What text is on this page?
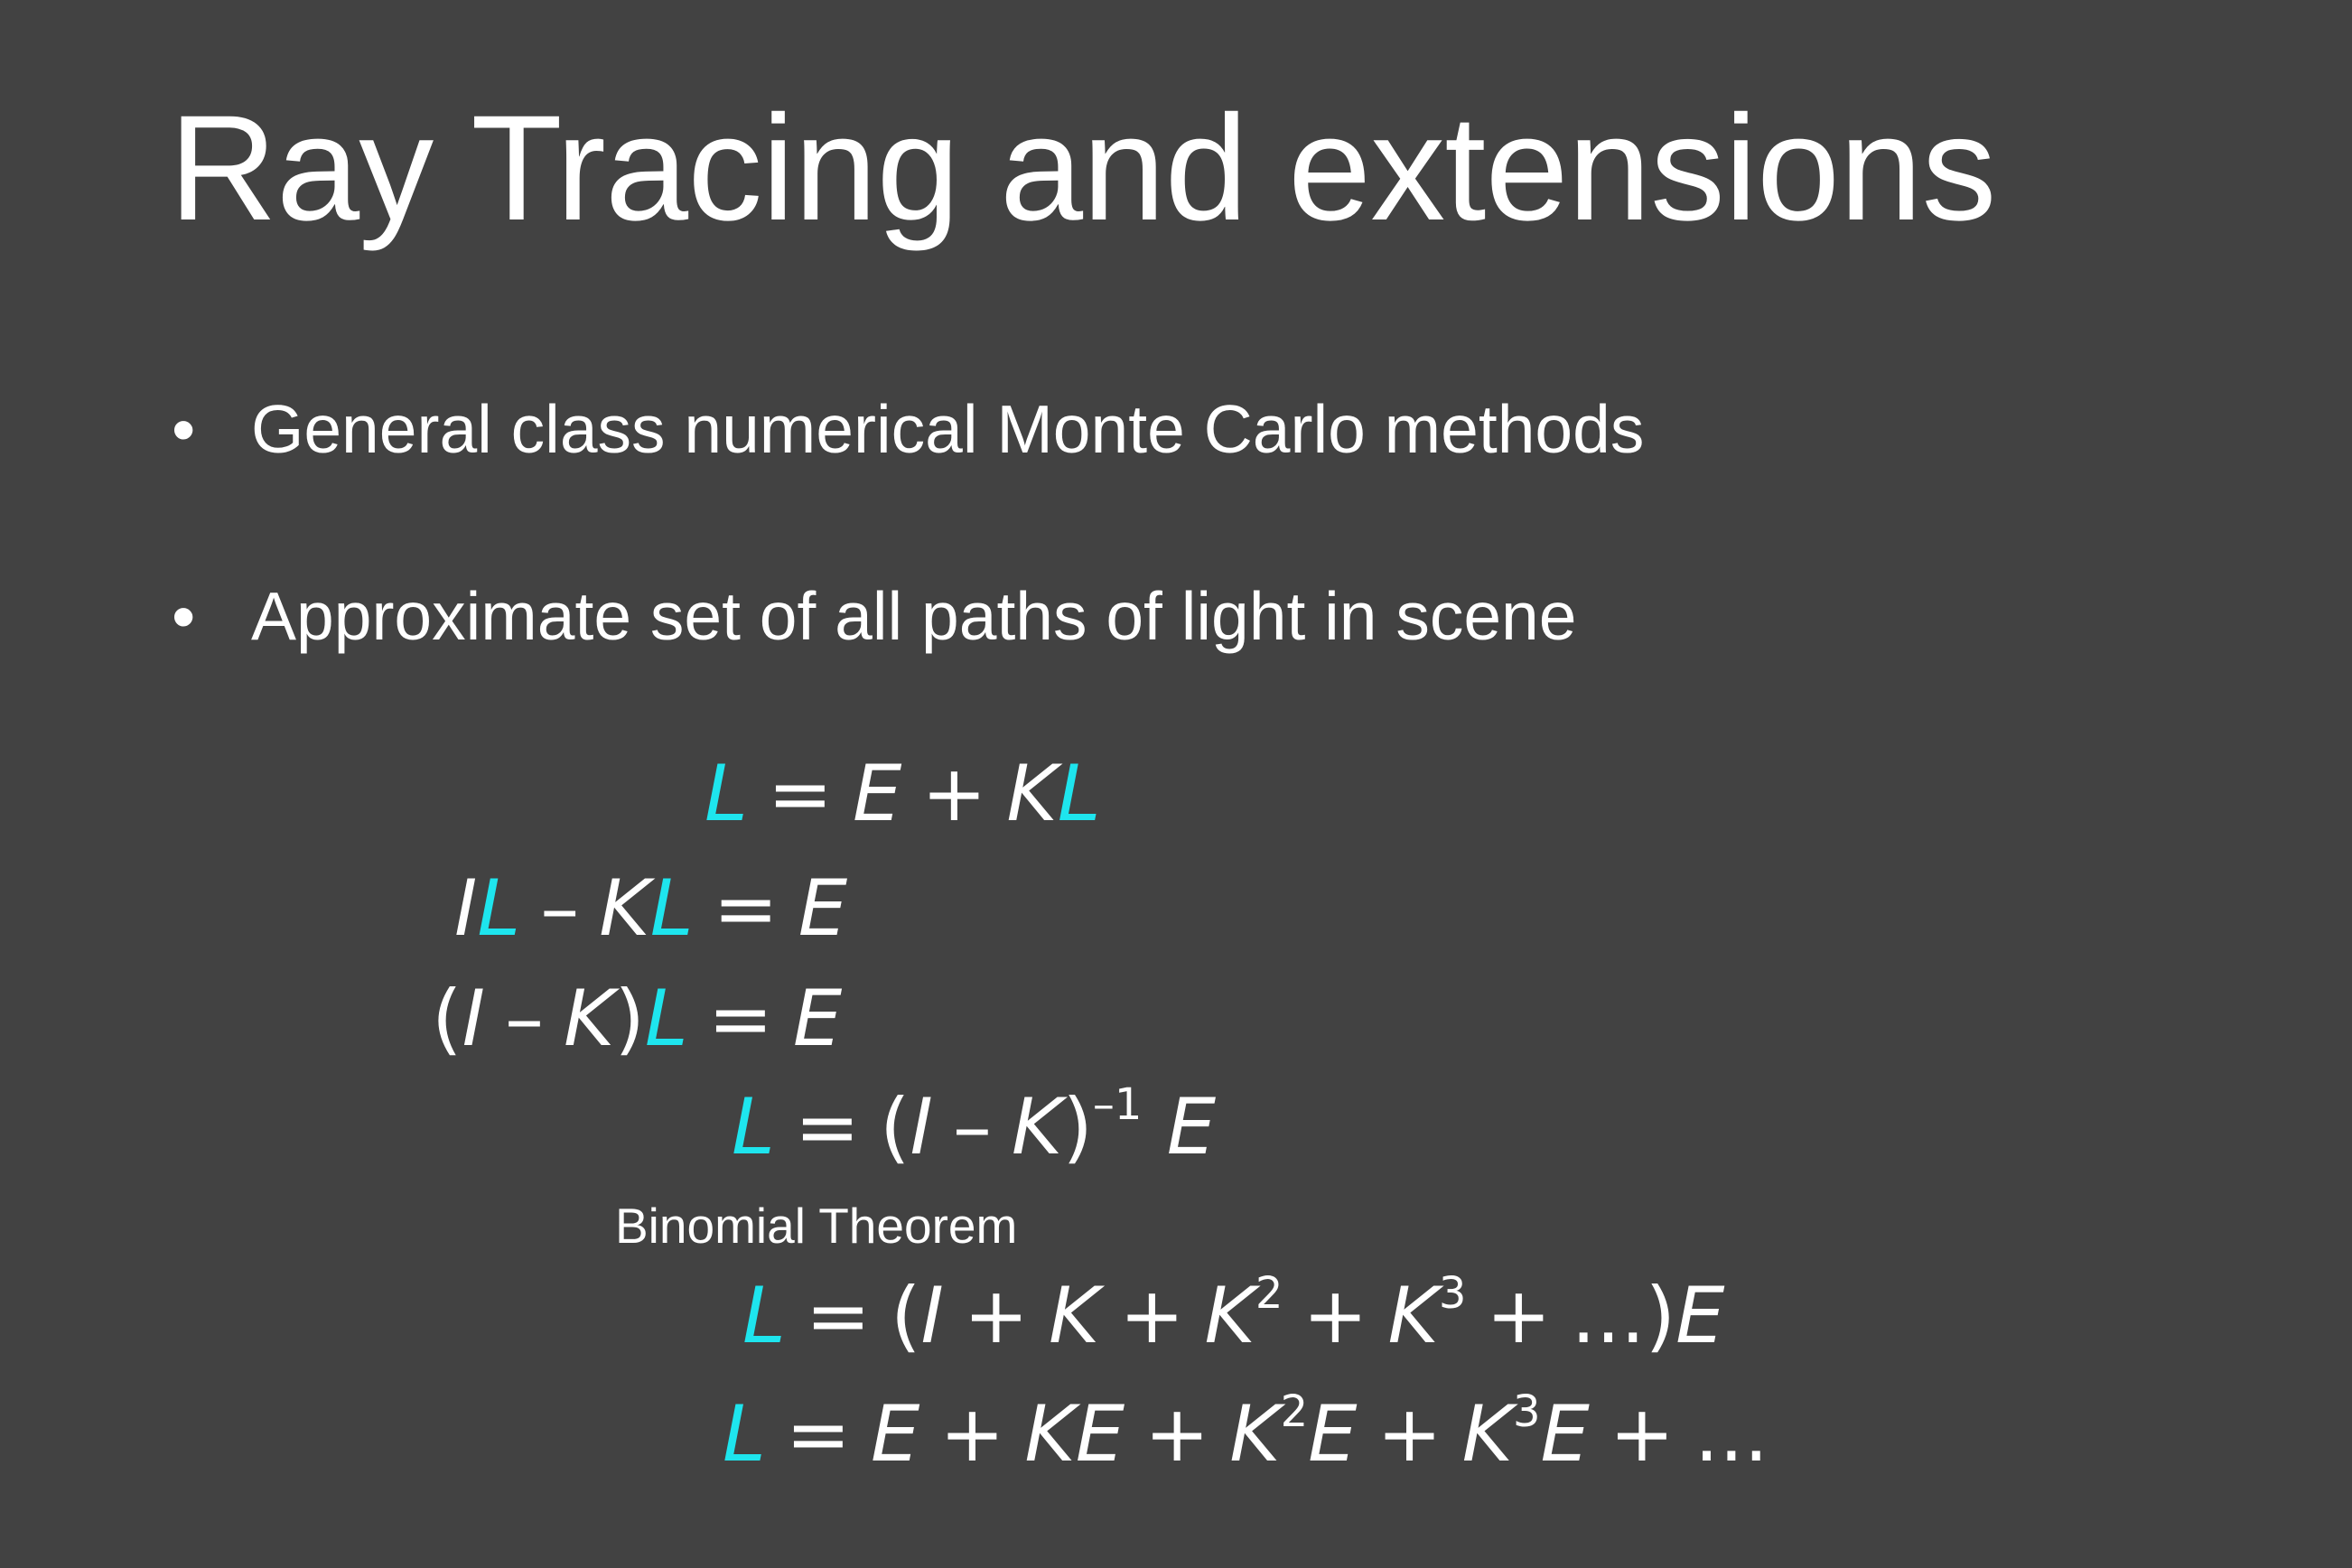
Ray Tracing and extensions
• General class numerical Monte Carlo methods
• Approximate set of all paths of light in scene
L = E + KL
IL – KL = E
(I – K)L = E
L = (I – K)$^{-1}$ E
Binomial Theorem
$L = (I + K + K^2 + K^3 + ...)E$
L = E + KE + $K^2E + K^3E$ + ...
